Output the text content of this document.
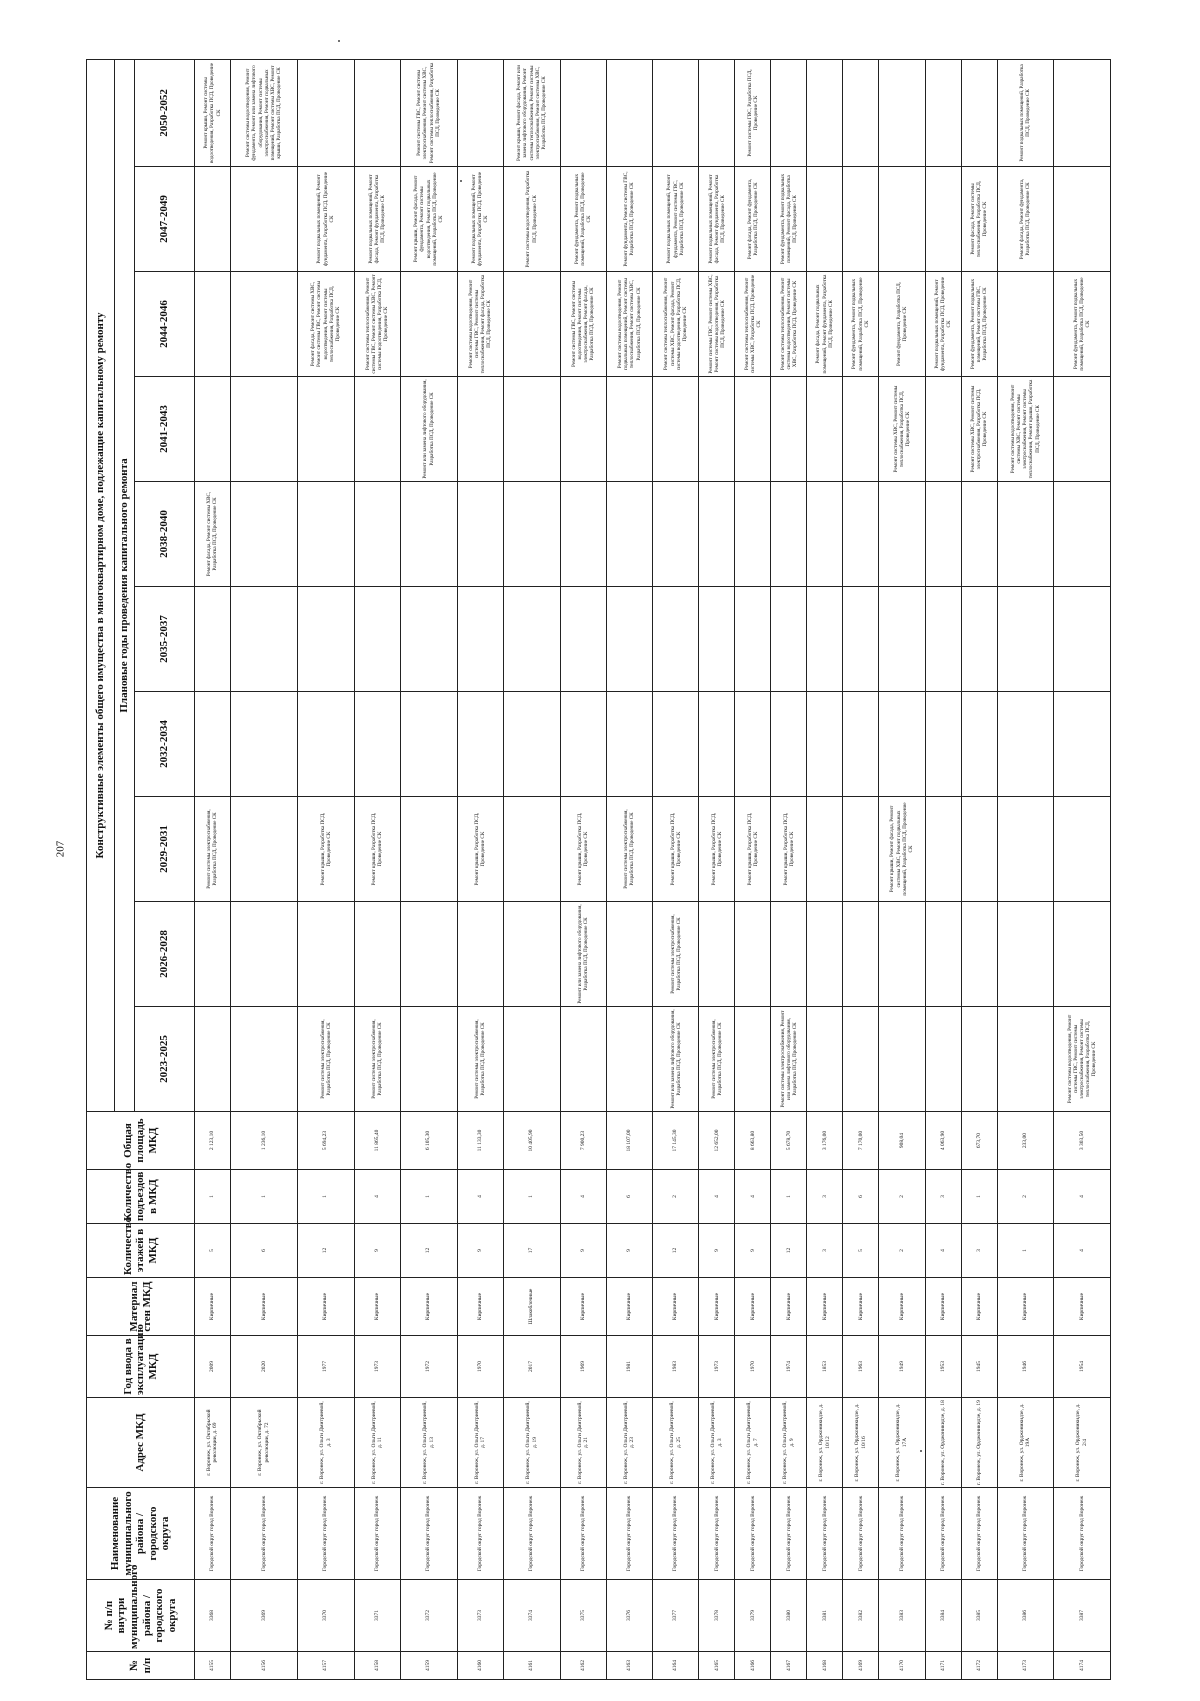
207
№ п/п	№ п/п внутри муниципального района / городского округа	Наименование муниципального района / городского округа	Адрес МКД	Год ввода в эксплуатацию МКД	Материал стен МКД	Количество этажей в МКД	Количество подъездов в МКД	Общая площадь МКД	Конструктивные элементы общего имущества в многоквартирном доме, подлежащие капитальному ремонту									
									Плановые годы проведения капитального ремонта									
									2023-2025	2026-2028	2029-2031	2032-2034	2035-2037	2038-2040	2041-2043	2044-2046	2047-2049	2050-2052
4155	3368	Городской округ город Воронеж	г. Воронеж, ул. Октябрьской революции, д. 69	2009	Кирпичные	5	1	2 123,10			Ремонт системы электроснабжения, Разработка ПСД, Проведение СК			Ремонт фасада, Ремонт системы ХВС, Разработка ПСД, Проведение СК				Ремонт крыши, Ремонт системы водоотведения, Разработка ПСД, Проведение СК
4156	3369	Городской округ город Воронеж	г. Воронеж, ул. Октябрьской революции, д. 72	2020	Кирпичные	6	1	1 236,10										Ремонт системы водоотведения, Ремонт фундамента, Ремонт или замена лифтового оборудования, Ремонт системы электроснабжения, Ремонт подвальных помещений, Ремонт системы ХВС, Ремонт крыши, Разработка ПСД, Проведение СК
4157	3370	Городской округ город Воронеж	г. Воронеж, ул. Ольги Дмитриевой, д. 3	1977	Кирпичные	12	1	5 694,23	Ремонт системы электроснабжения, Разработка ПСД, Проведение СК		Ремонт крыши, Разработка ПСД, Проведение СК					Ремонт фасада, Ремонт системы ХВС, Ремонт системы ГВС, Ремонт системы водоотведения, Ремонт системы теплоснабжения, Разработка ПСД, Проведение СК	Ремонт подвальных помещений, Ремонт фундамента, Разработка ПСД, Проведение СК	
4158	3371	Городской округ город Воронеж	г. Воронеж, ул. Ольги Дмитриевой, д. 11	1973	Кирпичные	9	4	11 865,40	Ремонт системы электроснабжения, Разработка ПСД, Проведение СК		Ремонт крыши, Разработка ПСД, Проведение СК					Ремонт системы теплоснабжения, Ремонт системы ГВС, Ремонт системы ХВС, Ремонт системы водоотведения, Разработка ПСД, Проведение СК	Ремонт подвальных помещений, Ремонт фасада, Ремонт фундамента, Разработка ПСД, Проведение СК	
4159	3372	Городской округ город Воронеж	г. Воронеж, ул. Ольги Дмитриевой, д. 13	1972	Кирпичные	12	1	6 105,30							Ремонт или замена лифтового оборудования, Разработка ПСД, Проведение СК		Ремонт крыши, Ремонт фасада, Ремонт фундамента, Ремонт системы водоотведения, Ремонт подвальных помещений, Разработка ПСД, Проведение СК	Ремонт системы ГВС, Ремонт системы электроснабжения, Ремонт системы ХВС, Ремонт системы теплоснабжения, Разработка ПСД, Проведение СК
4160	3373	Городской округ город Воронеж	г. Воронеж, ул. Ольги Дмитриевой, д. 17	1970	Кирпичные	9	4	11 133,30	Ремонт системы электроснабжения, Разработка ПСД, Проведение СК		Ремонт крыши, Разработка ПСД, Проведение СК					Ремонт системы водоотведения, Ремонт системы ГВС, Ремонт системы теплоснабжения, Ремонт фасада, Разработка ПСД, Проведение СК	Ремонт подвальных помещений, Ремонт фундамента, Разработка ПСД, Проведение СК	
4161	3374	Городской округ город Воронеж	г. Воронеж, ул. Ольги Дмитриевой, д. 19	2017	Шлакоблочные	17	1	10 405,90									Ремонт системы водоотведения, Разработка ПСД, Проведение СК	Ремонт крыши, Ремонт фасада, Ремонт или замена лифтового оборудования, Ремонт системы теплоснабжения, Ремонт системы электроснабжения, Ремонт системы ХВС, Разработка ПСД, Проведение СК
4162	3375	Городской округ город Воронеж	г. Воронеж, ул. Ольги Дмитриевой, д. 21	1969	Кирпичные	9	4	7 900,23		Ремонт или замена лифтового оборудования, Разработка ПСД, Проведение СК	Ремонт крыши, Разработка ПСД, Проведение СК					Ремонт системы ГВС, Ремонт системы водоотведения, Ремонт системы электроснабжения, Ремонт фасада, Разработка ПСД, Проведение СК	Ремонт фундамента, Ремонт подвальных помещений, Разработка ПСД, Проведение СК	
4163	3376	Городской округ город Воронеж	г. Воронеж, ул. Ольги Дмитриевой, д. 23	1981	Кирпичные	9	6	18 107,00			Ремонт системы электроснабжения, Разработка ПСД, Проведение СК					Ремонт системы водоотведения, Ремонт подвальных помещений, Ремонт системы теплоснабжения, Ремонт системы ХВС, Разработка ПСД, Проведение СК	Ремонт фундамента, Ремонт системы ГВС, Разработка ПСД, Проведение СК	
4164	3377	Городской округ город Воронеж	г. Воронеж, ул. Ольги Дмитриевой, д. 25	1983	Кирпичные	12	2	17 145,30	Ремонт или замена лифтового оборудования, Разработка ПСД, Проведение СК	Ремонт системы электроснабжения, Разработка ПСД, Проведение СК	Ремонт крыши, Разработка ПСД, Проведение СК					Ремонт системы теплоснабжения, Ремонт системы ХВС, Ремонт фасада, Ремонт системы водоотведения, Разработка ПСД, Проведение СК	Ремонт подвальных помещений, Ремонт фундамента, Ремонт системы ГВС, Разработка ПСД, Проведение СК	
4165	3378	Городской округ город Воронеж	г. Воронеж, ул. Ольги Дмитриевой, д. 3	1973	Кирпичные	9	4	12 652,00	Ремонт системы электроснабжения, Разработка ПСД, Проведение СК		Ремонт крыши, Разработка ПСД, Проведение СК					Ремонт системы ГВС, Ремонт системы ХВС, Ремонт системы водоотведения, Разработка ПСД, Проведение СК	Ремонт подвальных помещений, Ремонт фасада, Ремонт фундамента, Разработка ПСД, Проведение СК	
4166	3379	Городской округ город Воронеж	г. Воронеж, ул. Ольги Дмитриевой, д. 7	1970	Кирпичные	9	4	8 663,80			Ремонт крыши, Разработка ПСД, Проведение СК					Ремонт системы теплоснабжения, Ремонт системы ХВС, Разработка ПСД, Проведение СК	Ремонт фасада, Ремонт фундамента, Разработка ПСД, Проведение СК	Ремонт системы ГВС, Разработка ПСД, Проведение СК
4167	3380	Городской округ город Воронеж	г. Воронеж, ул. Ольги Дмитриевой, д. 9	1974	Кирпичные	12	1	5 678,70	Ремонт системы электроснабжения, Ремонт или замена лифтового оборудования, Разработка ПСД, Проведение СК		Ремонт крыши, Разработка ПСД, Проведение СК					Ремонт системы теплоснабжения, Ремонт системы водоотведения, Ремонт системы ХВС, Разработка ПСД, Проведение СК	Ремонт фундамента, Ремонт подвальных помещений, Ремонт фасада, Разработка ПСД, Проведение СК	
4168	3381	Городской округ город Воронеж	г. Воронеж, ул. Орджоникидзе, д. 10/12	1853	Кирпичные	3	3	3 176,00								Ремонт фасада, Ремонт подвальных помещений, Ремонт фундамента, Разработка ПСД, Проведение СК		
4169	3382	Городской округ город Воронеж	г. Воронеж, ул. Орджоникидзе, д. 10/16	1963	Кирпичные	5	6	7 170,00								Ремонт фундамента, Ремонт подвальных помещений, Разработка ПСД, Проведение СК		
4170	3383	Городской округ город Воронеж	г. Воронеж, ул. Орджоникидзе, д. 17А	1949	Кирпичные	2	2	908,04			Ремонт крыши, Ремонт фасада, Ремонт системы ХВС, Ремонт подвальных помещений, Разработка ПСД, Проведение СК				Ремонт системы ХВС, Ремонт системы теплоснабжения, Разработка ПСД, Проведение СК	Ремонт фундамента, Разработка ПСД, Проведение СК		
4171	3384	Городской округ город Воронеж	г. Воронеж, ул. Орджоникидзе, д. 18	1953	Кирпичные	4	3	4 063,90								Ремонт подвальных помещений, Ремонт фундамента, Разработка ПСД, Проведение СК		
4172	3385	Городской округ город Воронеж	г. Воронеж, ул. Орджоникидзе, д. 19	1945	Кирпичные	3	1	673,70							Ремонт системы ХВС, Ремонт системы электроснабжения, Разработка ПСД, Проведение СК	Ремонт фундамента, Ремонт подвальных помещений, Ремонт системы ГВС, Разработка ПСД, Проведение СК	Ремонт фасада, Ремонт системы теплоснабжения, Разработка ПСД, Проведение СК	
4173	3386	Городской округ город Воронеж	г. Воронеж, ул. Орджоникидзе, д. 19А	1946	Кирпичные	1	2	233,00							Ремонт системы водоотведения, Ремонт системы ХВС, Ремонт системы электроснабжения, Ремонт системы теплоснабжения, Ремонт крыши, Разработка ПСД, Проведение СК		Ремонт фасада, Ремонт фундамента, Разработка ПСД, Проведение СК	Ремонт подвальных помещений, Разработка ПСД, Проведение СК
4174	3387	Городской округ город Воронеж	г. Воронеж, ул. Орджоникидзе, д. 2/4	1954	Кирпичные	4	4	3 303,50	Ремонт системы водоотведения, Ремонт системы ГВС, Ремонт системы электроснабжения, Ремонт системы теплоснабжения, Разработка ПСД, Проведение СК							Ремонт фундамента, Ремонт подвальных помещений, Разработка ПСД, Проведение СК		
